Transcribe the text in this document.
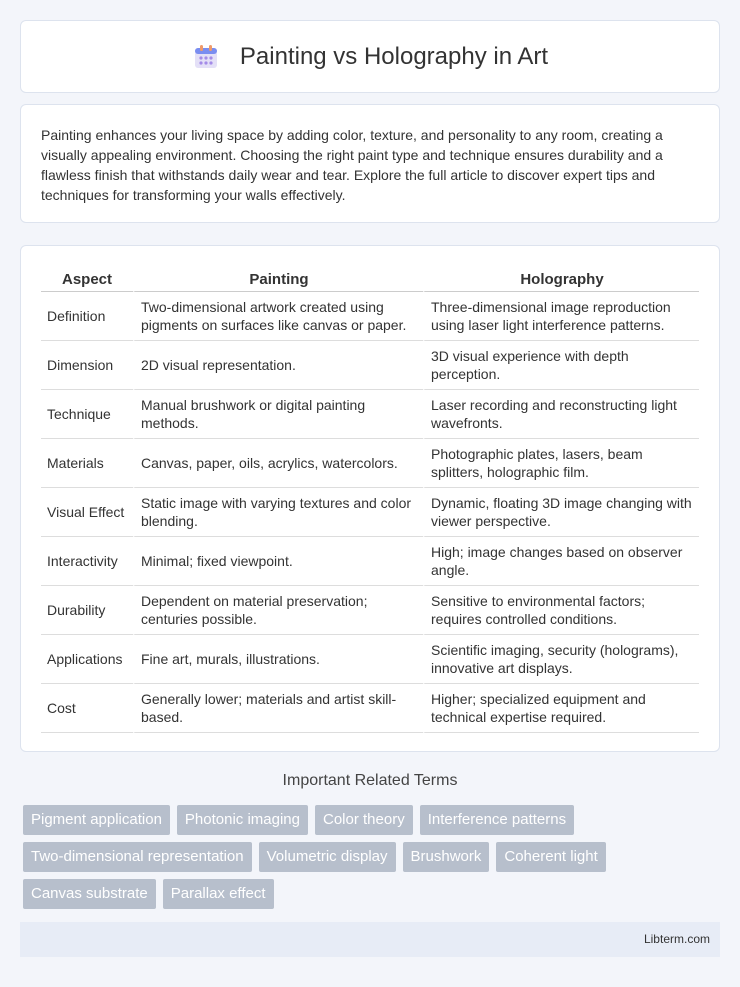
Painting vs Holography in Art

Painting enhances your living space by adding color, texture, and personality to any room, creating a visually appealing environment. Choosing the right paint type and technique ensures durability and a flawless finish that withstands daily wear and tear. Explore the full article to discover expert tips and techniques for transforming your walls effectively.

Aspect	Painting	Holography
Definition	Two-dimensional artwork created using pigments on surfaces like canvas or paper.	Three-dimensional image reproduction using laser light interference patterns.
Dimension	2D visual representation.	3D visual experience with depth perception.
Technique	Manual brushwork or digital painting methods.	Laser recording and reconstructing light wavefronts.
Materials	Canvas, paper, oils, acrylics, watercolors.	Photographic plates, lasers, beam splitters, holographic film.
Visual Effect	Static image with varying textures and color blending.	Dynamic, floating 3D image changing with viewer perspective.
Interactivity	Minimal; fixed viewpoint.	High; image changes based on observer angle.
Durability	Dependent on material preservation; centuries possible.	Sensitive to environmental factors; requires controlled conditions.
Applications	Fine art, murals, illustrations.	Scientific imaging, security (holograms), innovative art displays.
Cost	Generally lower; materials and artist skill-based.	Higher; specialized equipment and technical expertise required.
Important Related Terms
Pigment application	Photonic imaging	Color theory	Interference patterns
Two-dimensional representation	Volumetric display	Brushwork	Coherent light
Canvas substrate	Parallax effect
Libterm.com
